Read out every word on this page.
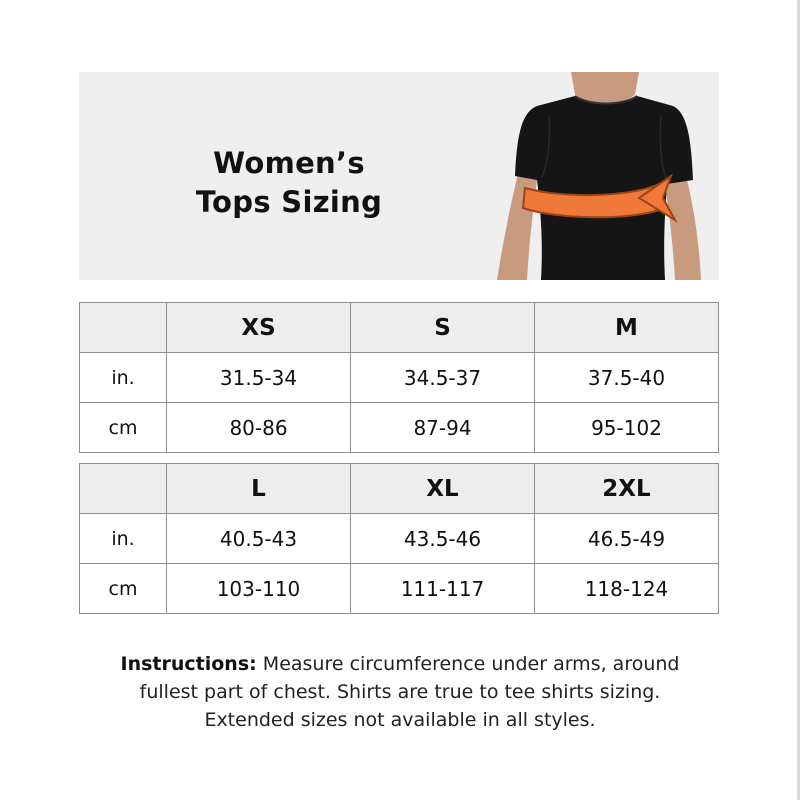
Women’s
Tops Sizing
	XS	S	M
in.	31.5-34	34.5-37	37.5-40
cm	80-86	87-94	95-102
	L	XL	2XL
in.	40.5-43	43.5-46	46.5-49
cm	103-110	111-117	118-124
Instructions: Measure circumference under arms, around
fullest part of chest. Shirts are true to tee shirts sizing.
Extended sizes not available in all styles.
